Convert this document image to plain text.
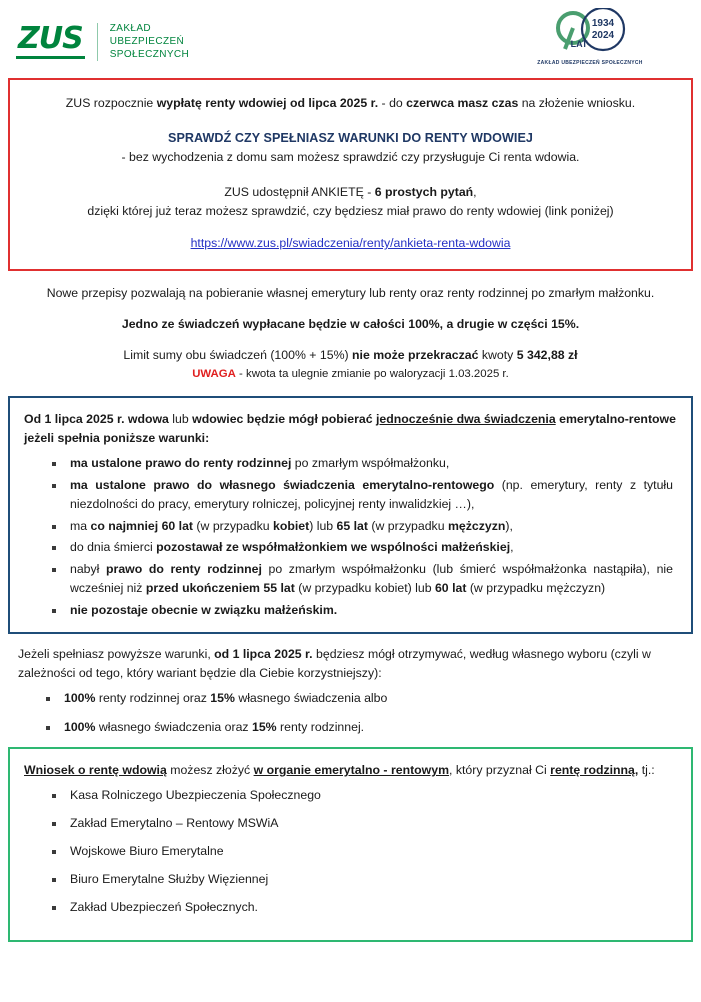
ZUS	ZAKŁAD
UBEZPIECZEŃ
SPOŁECZNYCH
1934
2024
LAT
ZAKŁAD UBEZPIECZEŃ SPOŁECZNYCH

ZUS rozpocznie wypłatę renty wdowiej od lipca 2025 r. - do czerwca masz czas na złożenie wniosku.

SPRAWDŹ CZY SPEŁNIASZ WARUNKI DO RENTY WDOWIEJ

- bez wychodzenia z domu sam możesz sprawdzić czy przysługuje Ci renta wdowia.

ZUS udostępnił ANKIETĘ - 6 prostych pytań,

dzięki której już teraz możesz sprawdzić, czy będziesz miał prawo do renty wdowiej (link poniżej)

https://www.zus.pl/swiadczenia/renty/ankieta-renta-wdowia

Nowe przepisy pozwalają na pobieranie własnej emerytury lub renty oraz renty rodzinnej po zmarłym małżonku.

Jedno ze świadczeń wypłacane będzie w całości 100%, a drugie w części 15%.

Limit sumy obu świadczeń (100% + 15%) nie może przekraczać kwoty 5 342,88 zł

UWAGA - kwota ta ulegnie zmianie po waloryzacji 1.03.2025 r.

Od 1 lipca 2025 r. wdowa lub wdowiec będzie mógł pobierać jednocześnie dwa świadczenia emerytalno-rentowe jeżeli spełnia poniższe warunki:

ma ustalone prawo do renty rodzinnej po zmarłym współmałżonku,
ma ustalone prawo do własnego świadczenia emerytalno-rentowego (np. emerytury, renty z tytułu niezdolności do pracy, emerytury rolniczej, policyjnej renty inwalidzkiej …),
ma co najmniej 60 lat (w przypadku kobiet) lub 65 lat (w przypadku mężczyzn),
do dnia śmierci pozostawał ze współmałżonkiem we wspólności małżeńskiej,
nabył prawo do renty rodzinnej po zmarłym współmałżonku (lub śmierć współmałżonka nastąpiła), nie wcześniej niż przed ukończeniem 55 lat (w przypadku kobiet) lub 60 lat (w przypadku mężczyzn)
nie pozostaje obecnie w związku małżeńskim.

Jeżeli spełniasz powyższe warunki, od 1 lipca 2025 r. będziesz mógł otrzymywać, według własnego wyboru (czyli w zależności od tego, który wariant będzie dla Ciebie korzystniejszy):

100% renty rodzinnej oraz 15% własnego świadczenia albo
100% własnego świadczenia oraz 15% renty rodzinnej.

Wniosek o rentę wdowią możesz złożyć w organie emerytalno - rentowym, który przyznał Ci rentę rodzinną, tj.:

Kasa Rolniczego Ubezpieczenia Społecznego
Zakład Emerytalno – Rentowy MSWiA
Wojskowe Biuro Emerytalne
Biuro Emerytalne Służby Więziennej
Zakład Ubezpieczeń Społecznych.
